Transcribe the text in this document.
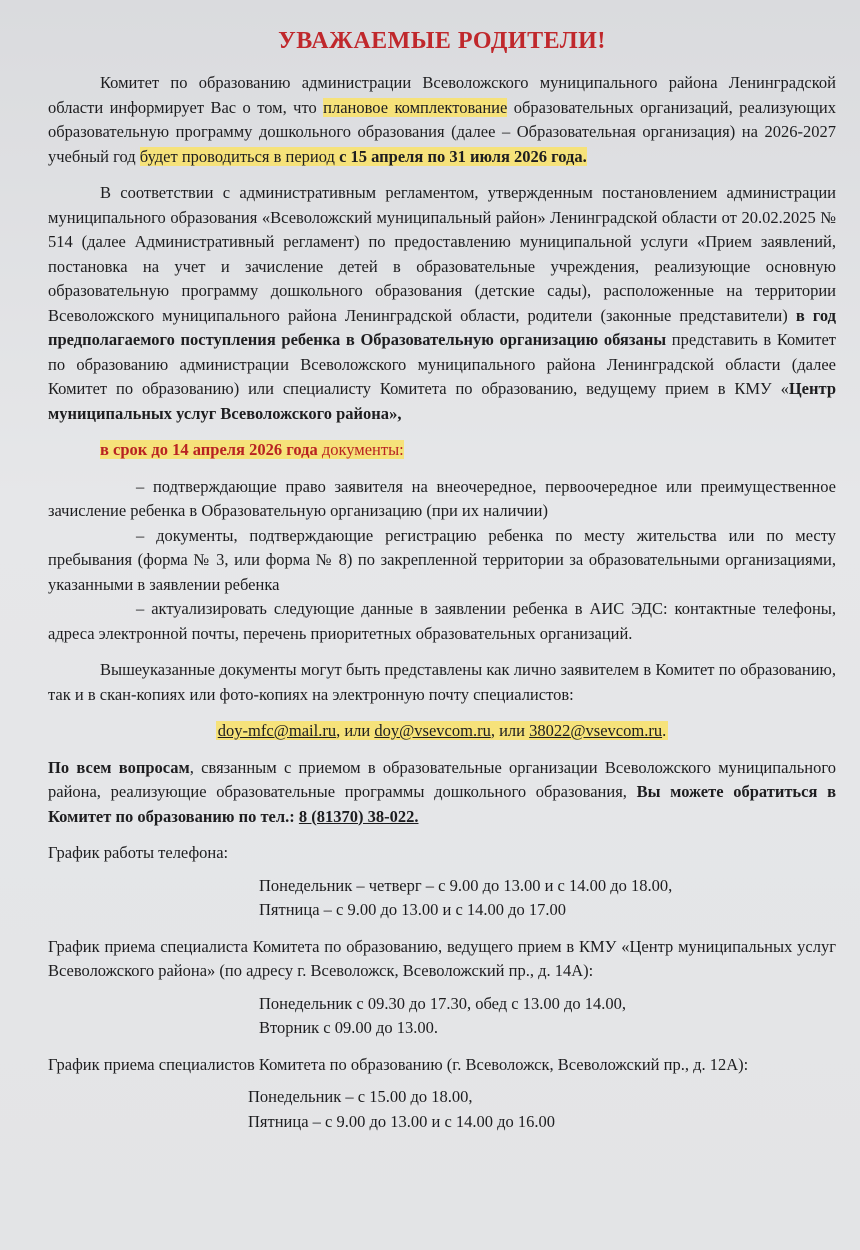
УВАЖАЕМЫЕ РОДИТЕЛИ!

Комитет по образованию администрации Всеволожского муниципального района Ленинградской области информирует Вас о том, что плановое комплектование образовательных организаций, реализующих образовательную программу дошкольного образования (далее – Образовательная организация) на 2026-2027 учебный год будет проводиться в период с 15 апреля по 31 июля 2026 года.

В соответствии с административным регламентом, утвержденным постановлением администрации муниципального образования «Всеволожский муниципальный район» Ленинградской области от 20.02.2025 № 514 (далее Административный регламент) по предоставлению муниципальной услуги «Прием заявлений, постановка на учет и зачисление детей в образовательные учреждения, реализующие основную образовательную программу дошкольного образования (детские сады), расположенные на территории Всеволожского муниципального района Ленинградской области, родители (законные представители) в год предполагаемого поступления ребенка в Образовательную организацию обязаны представить в Комитет по образованию администрации Всеволожского муниципального района Ленинградской области (далее Комитет по образованию) или специалисту Комитета по образованию, ведущему прием в КМУ «Центр муниципальных услуг Всеволожского района»,

в срок до 14 апреля 2026 года документы:

– подтверждающие право заявителя на внеочередное, первоочередное или преимущественное зачисление ребенка в Образовательную организацию (при их наличии)

– документы, подтверждающие регистрацию ребенка по месту жительства или по месту пребывания (форма № 3, или форма № 8) по закрепленной территории за образовательными организациями, указанными в заявлении ребенка

– актуализировать следующие данные в заявлении ребенка в АИС ЭДС: контактные телефоны, адреса электронной почты, перечень приоритетных образовательных организаций.

Вышеуказанные документы могут быть представлены как лично заявителем в Комитет по образованию, так и в скан-копиях или фото-копиях на электронную почту специалистов:

doy-mfc@mail.ru, или doy@vsevcom.ru, или 38022@vsevcom.ru.

По всем вопросам, связанным с приемом в образовательные организации Всеволожского муниципального района, реализующие образовательные программы дошкольного образования, Вы можете обратиться в Комитет по образованию по тел.: 8 (81370) 38-022.

График работы телефона:

Понедельник – четверг – с 9.00 до 13.00 и с 14.00 до 18.00,
Пятница – с 9.00 до 13.00 и с 14.00 до 17.00

График приема специалиста Комитета по образованию, ведущего прием в КМУ «Центр муниципальных услуг Всеволожского района» (по адресу г. Всеволожск, Всеволожский пр., д. 14А):

Понедельник с 09.30 до 17.30, обед с 13.00 до 14.00,
Вторник с 09.00 до 13.00.

График приема специалистов Комитета по образованию (г. Всеволожск, Всеволожский пр., д. 12А):

Понедельник – с 15.00 до 18.00,
Пятница – с 9.00 до 13.00 и с 14.00 до 16.00
